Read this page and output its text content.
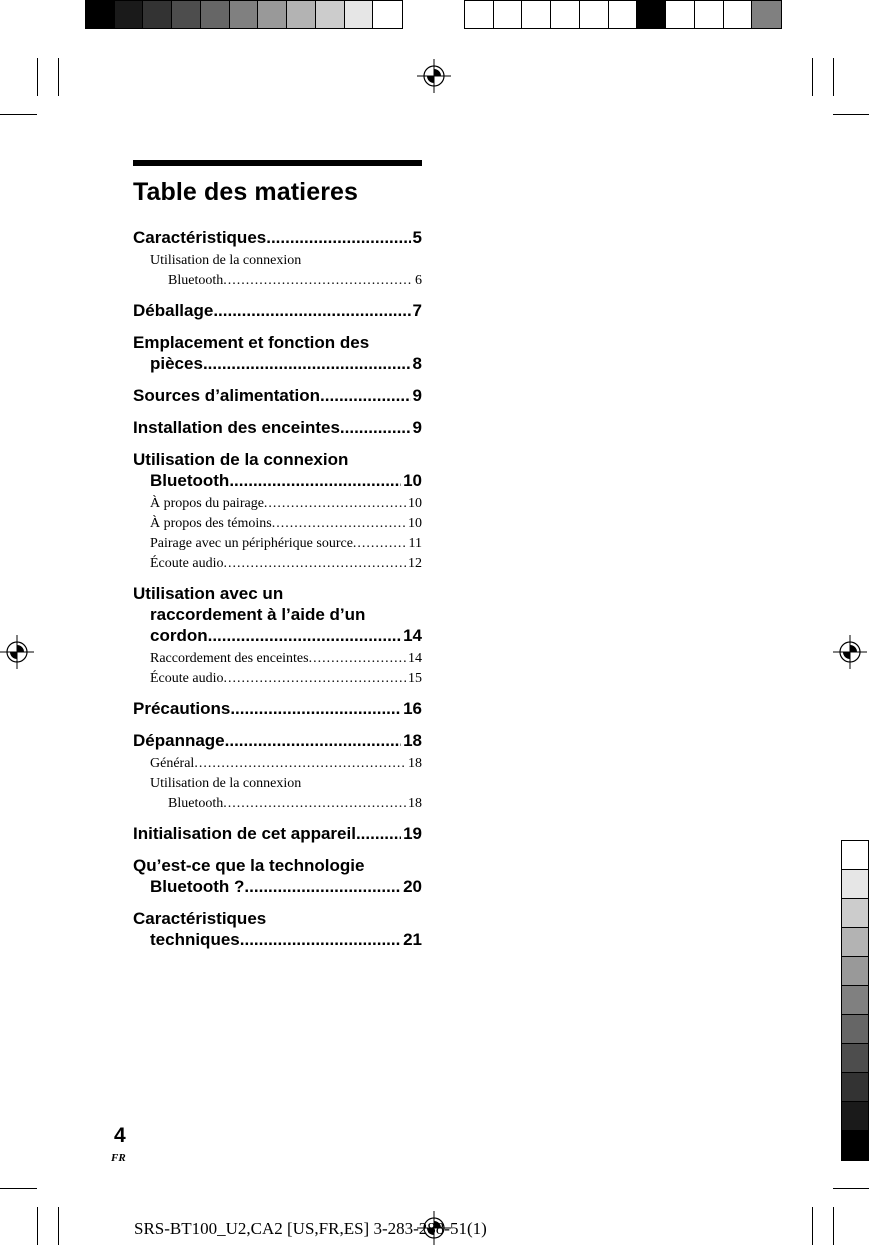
Table des matieres
Caractéristiques .....	5
Utilisation de la connexion
Bluetooth .....	6
Déballage .....	7
Emplacement et fonction des
pièces .....	8
Sources d’alimentation .....	9
Installation des enceintes .....	9
Utilisation de la connexion
Bluetooth .....	10
À propos du pairage .....	10
À propos des témoins .....	10
Pairage avec un périphérique source .....	11
Écoute audio .....	12
Utilisation avec un
raccordement à l’aide d’un
cordon .....	14
Raccordement des enceintes .....	14
Écoute audio .....	15
Précautions .....	16
Dépannage .....	18
Général .....	18
Utilisation de la connexion
Bluetooth .....	18
Initialisation de cet appareil .....	19
Qu’est-ce que la technologie
Bluetooth ? .....	20
Caractéristiques
techniques .....	21
4
FR
SRS-BT100_U2,CA2 [US,FR,ES] 3-283-288-51(1)
